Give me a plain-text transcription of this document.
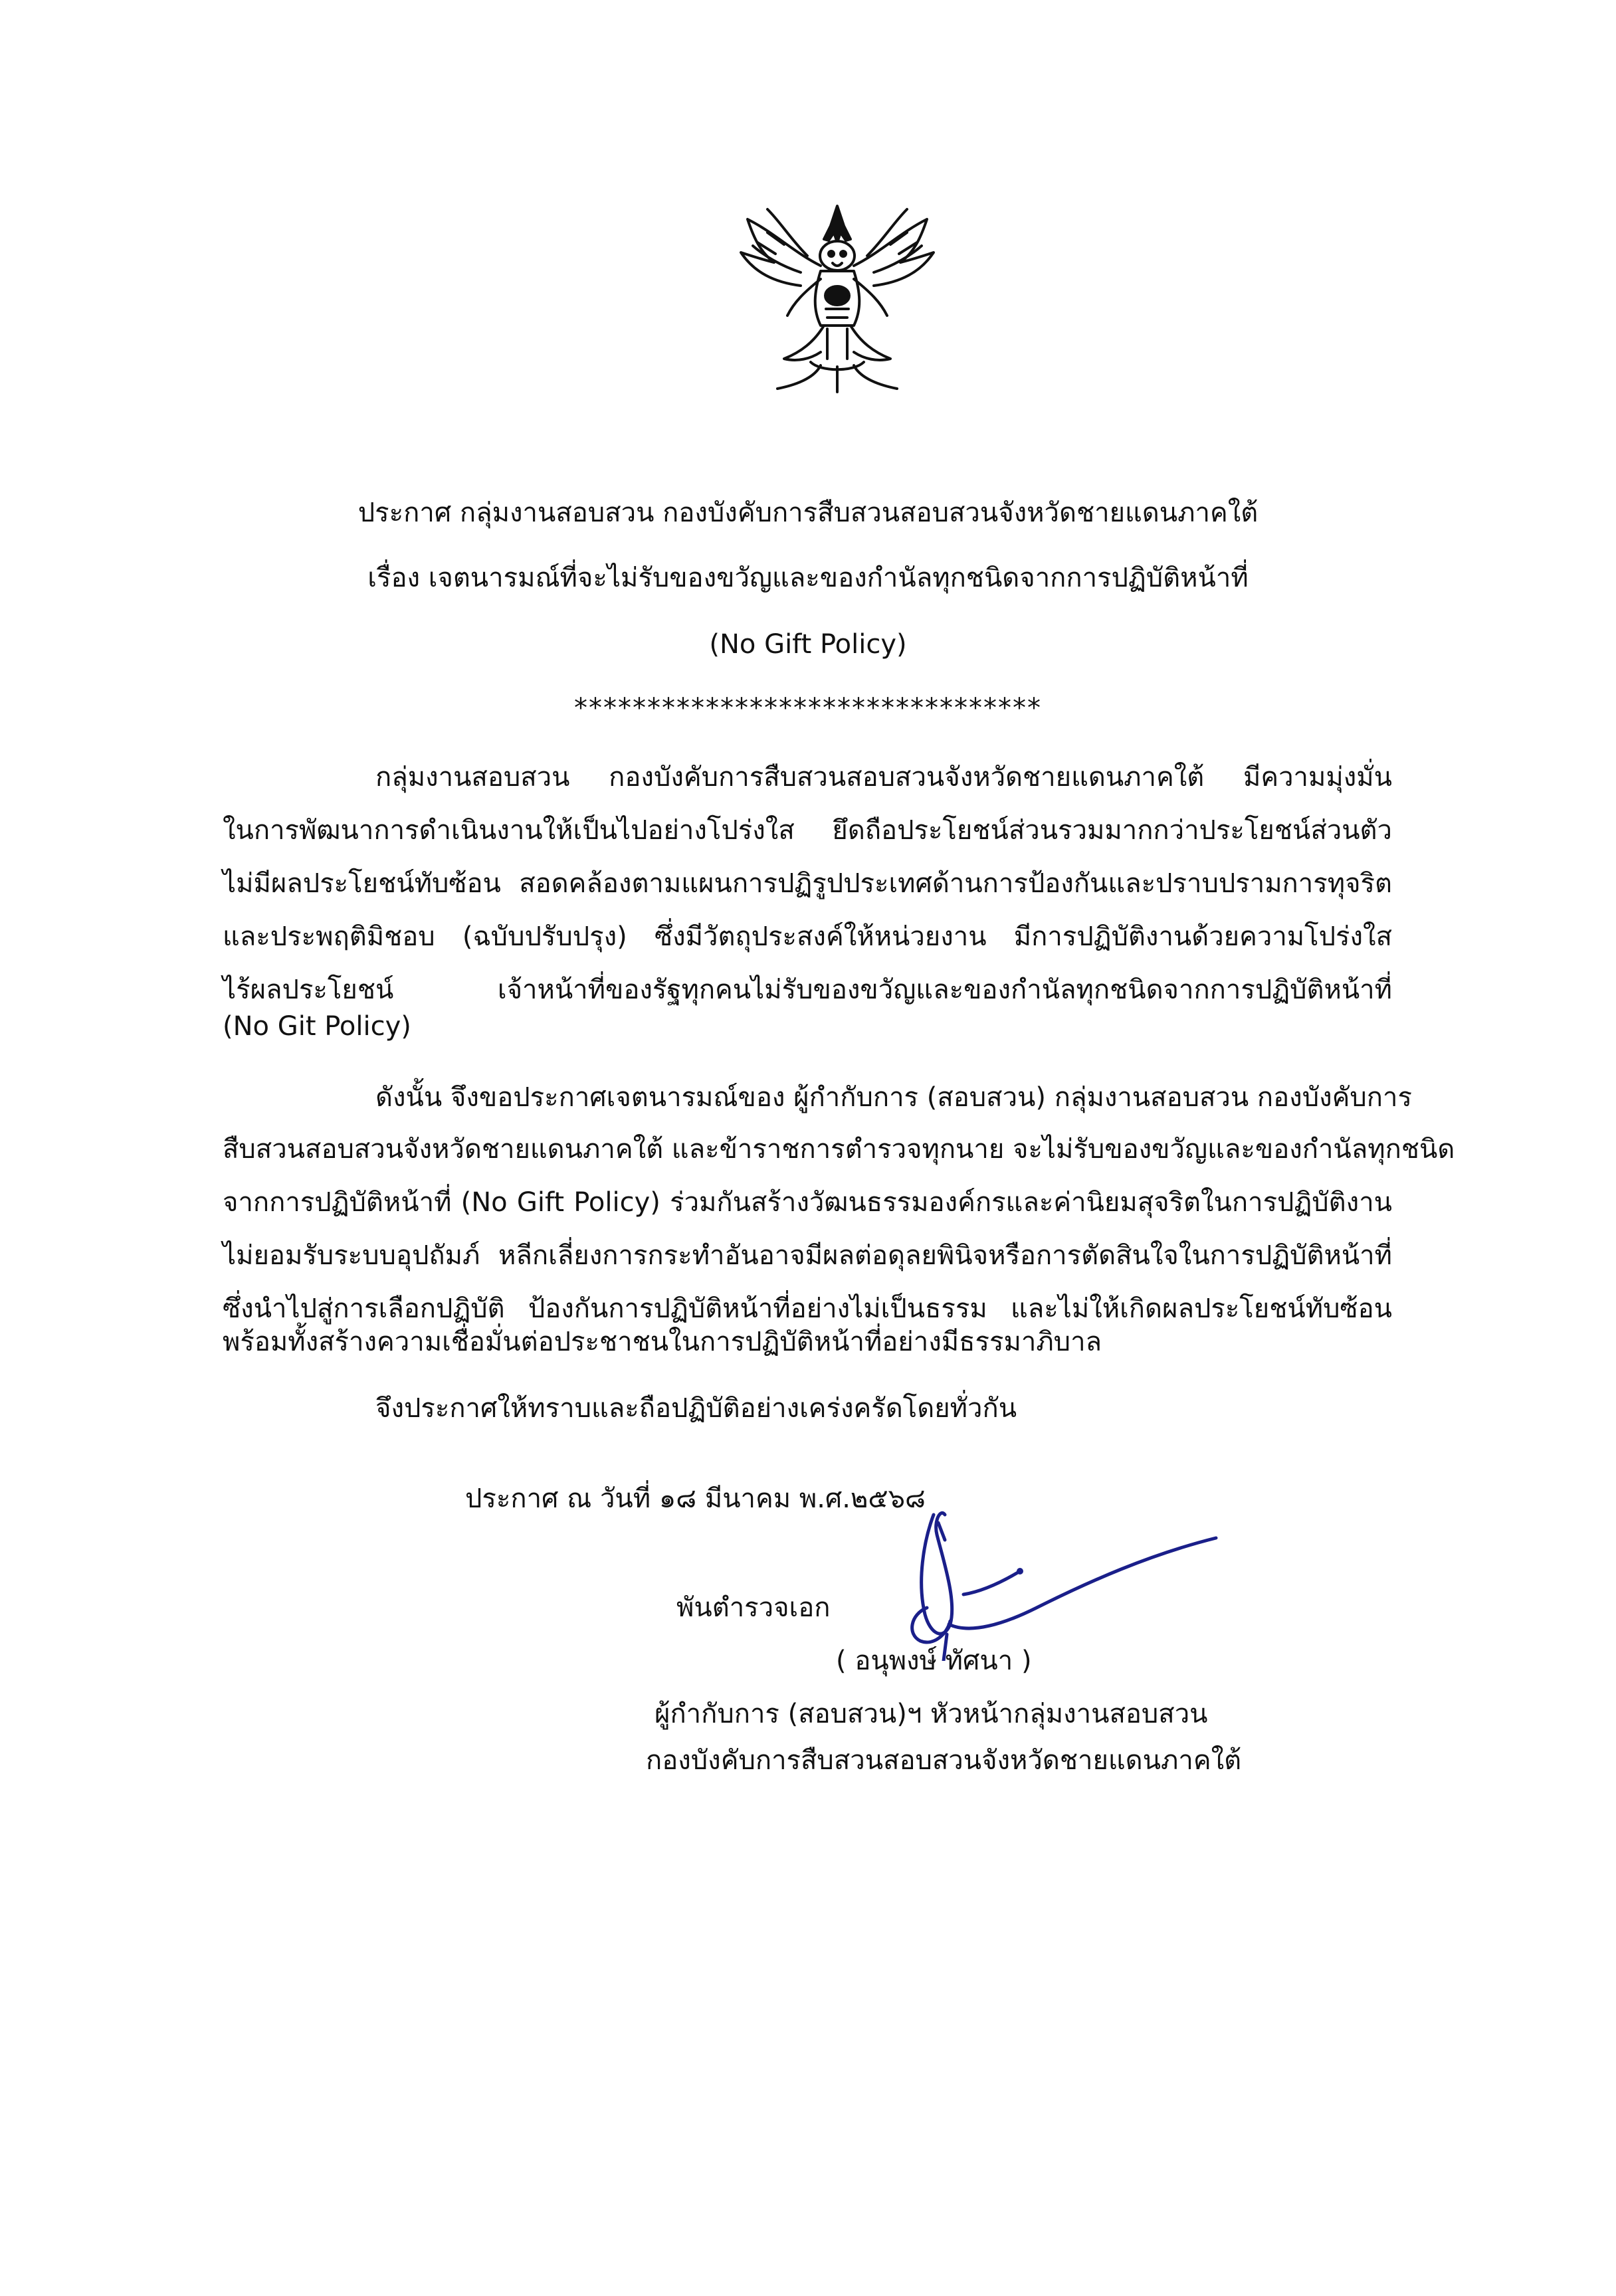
ประกาศ กลุ่มงานสอบสวน กองบังคับการสืบสวนสอบสวนจังหวัดชายแดนภาคใต้
เรื่อง เจตนารมณ์ที่จะไม่รับของขวัญและของกำนัลทุกชนิดจากการปฏิบัติหน้าที่
(No Gift Policy)
********************************
กลุ่มงานสอบสวน กองบังคับการสืบสวนสอบสวนจังหวัดชายแดนภาคใต้ มีความมุ่งมั่น
ในการพัฒนาการดำเนินงานให้เป็นไปอย่างโปร่งใส ยึดถือประโยชน์ส่วนรวมมากกว่าประโยชน์ส่วนตัว
ไม่มีผลประโยชน์ทับซ้อน สอดคล้องตามแผนการปฏิรูปประเทศด้านการป้องกันและปราบปรามการทุจริต
และประพฤติมิชอบ (ฉบับปรับปรุง) ซึ่งมีวัตถุประสงค์ให้หน่วยงาน มีการปฏิบัติงานด้วยความโปร่งใส
ไร้ผลประโยชน์ เจ้าหน้าที่ของรัฐทุกคนไม่รับของขวัญและของกำนัลทุกชนิดจากการปฏิบัติหน้าที่
(No Git Policy)
ดังนั้น จึงขอประกาศเจตนารมณ์ของ ผู้กำกับการ (สอบสวน) กลุ่มงานสอบสวน กองบังคับการ
สืบสวนสอบสวนจังหวัดชายแดนภาคใต้ และข้าราชการตำรวจทุกนาย จะไม่รับของขวัญและของกำนัลทุกชนิด
จากการปฏิบัติหน้าที่ (No Gift Policy) ร่วมกันสร้างวัฒนธรรมองค์กรและค่านิยมสุจริตในการปฏิบัติงาน
ไม่ยอมรับระบบอุปถัมภ์ หลีกเลี่ยงการกระทำอันอาจมีผลต่อดุลยพินิจหรือการตัดสินใจในการปฏิบัติหน้าที่
ซึ่งนำไปสู่การเลือกปฏิบัติ ป้องกันการปฏิบัติหน้าที่อย่างไม่เป็นธรรม และไม่ให้เกิดผลประโยชน์ทับซ้อน
พร้อมทั้งสร้างความเชื่อมั่นต่อประชาชนในการปฏิบัติหน้าที่อย่างมีธรรมาภิบาล
จึงประกาศให้ทราบและถือปฏิบัติอย่างเคร่งครัดโดยทั่วกัน
ประกาศ ณ วันที่ ๑๘ มีนาคม พ.ศ.๒๕๖๘
พันตำรวจเอก
( อนุพงษ์ ทัศนา )
ผู้กำกับการ (สอบสวน)ฯ หัวหน้ากลุ่มงานสอบสวน
กองบังคับการสืบสวนสอบสวนจังหวัดชายแดนภาคใต้
